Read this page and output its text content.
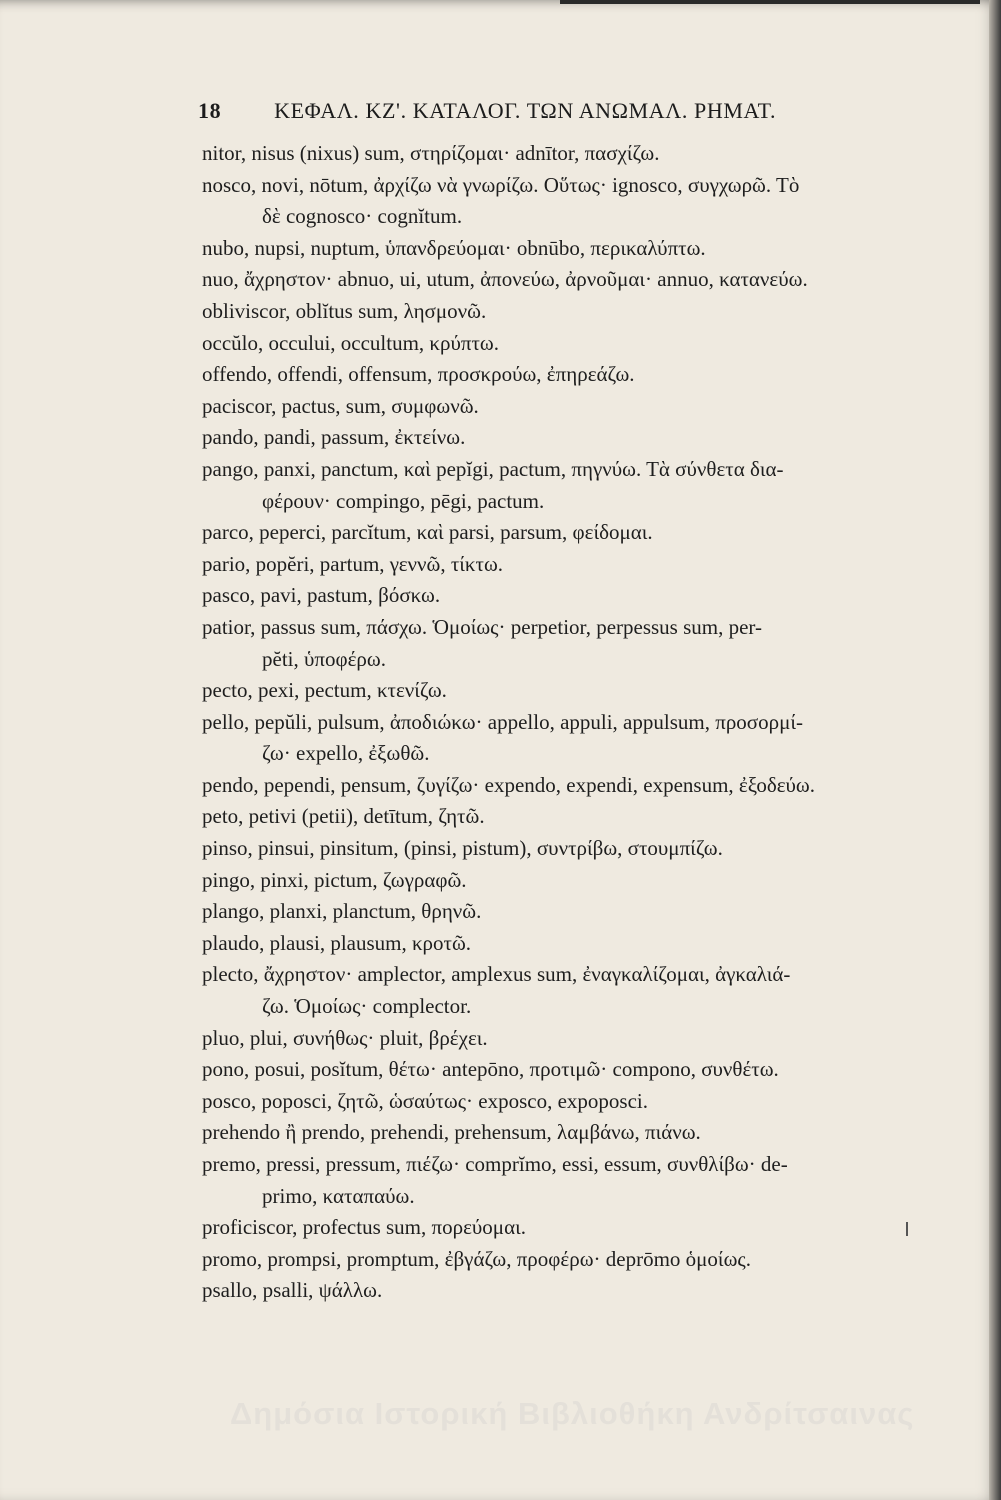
18 ΚΕΦΑΛ. ΚΖ'. ΚΑΤΑΛΟΓ. ΤΩΝ ΑΝΩΜΑΛ. ΡΗΜΑΤ.
nitor, nisus (nixus) sum, στηρίζομαι· adnītor, πασχίζω.
nosco, novi, nōtum, ἀρχίζω νὰ γνωρίζω. Οὕτως· ignosco, συγχωρῶ. Τὸ
δὲ cognosco· cognĭtum.
nubo, nupsi, nuptum, ὑπανδρεύομαι· obnūbo, περικαλύπτω.
nuo, ἄχρηστον· abnuo, ui, utum, ἀπονεύω, ἀρνοῦμαι· annuo, κατανεύω.
obliviscor, oblĭtus sum, λησμονῶ.
occŭlo, occului, occultum, κρύπτω.
offendo, offendi, offensum, προσκρούω, ἐπηρεάζω.
paciscor, pactus, sum, συμφωνῶ.
pando, pandi, passum, ἐκτείνω.
pango, panxi, panctum, καὶ pepĭgi, pactum, πηγνύω. Τὰ σύνθετα δια-
φέρουν· compingo, pēgi, pactum.
parco, peperci, parcĭtum, καὶ parsi, parsum, φείδομαι.
pario, popĕri, partum, γεννῶ, τίκτω.
pasco, pavi, pastum, βόσκω.
patior, passus sum, πάσχω. Ὁμοίως· perpetior, perpessus sum, per-
pĕti, ὑποφέρω.
pecto, pexi, pectum, κτενίζω.
pello, pepŭli, pulsum, ἀποδιώκω· appello, appuli, appulsum, προσορμί-
ζω· expello, ἐξωθῶ.
pendo, pependi, pensum, ζυγίζω· expendo, expendi, expensum, ἐξοδεύω.
peto, petivi (petii), detītum, ζητῶ.
pinso, pinsui, pinsitum, (pinsi, pistum), συντρίβω, στουμπίζω.
pingo, pinxi, pictum, ζωγραφῶ.
plango, planxi, planctum, θρηνῶ.
plaudo, plausi, plausum, κροτῶ.
plecto, ἄχρηστον· amplector, amplexus sum, ἐναγκαλίζομαι, ἀγκαλιά-
ζω. Ὁμοίως· complector.
pluo, plui, συνήθως· pluit, βρέχει.
pono, posui, posĭtum, θέτω· antepōno, προτιμῶ· compono, συνθέτω.
posco, poposci, ζητῶ, ὡσαύτως· exposco, expoposci.
prehendo ἢ prendo, prehendi, prehensum, λαμβάνω, πιάνω.
premo, pressi, pressum, πιέζω· comprĭmo, essi, essum, συνθλίβω· de-
primo, καταπαύω.
proficiscor, profectus sum, πορεύομαι.
promo, prompsi, promptum, ἐβγάζω, προφέρω· deprōmo ὁμοίως.
psallo, psalli, ψάλλω.
Δημόσια Ιστορική Βιβλιοθήκη Ανδρίτσαινας
